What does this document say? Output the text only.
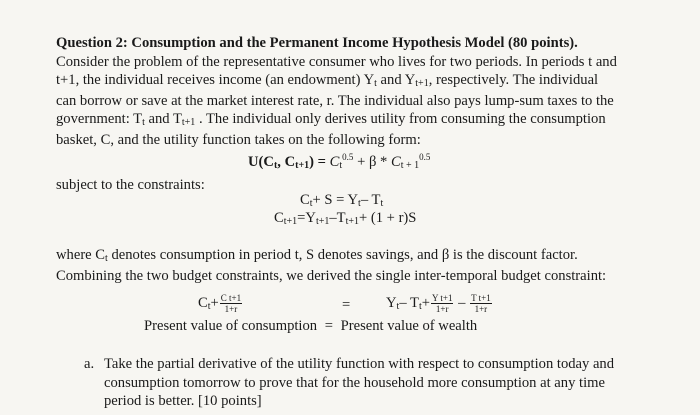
Question 2: Consumption and the Permanent Income Hypothesis Model (80 points).
Consider the problem of the representative consumer who lives for two periods. In periods t and
t+1, the individual receives income (an endowment) Yt and Yt+1, respectively. The individual
can borrow or save at the market interest rate, r. The individual also pays lump-sum taxes to the
government: Tt and Tt+1 . The individual only derives utility from consuming the consumption
basket, C, and the utility function takes on the following form:
U(Ct, $Ct+1) = Ct^{0.5} + \beta * Ct + 1^{0.5}$
subject to the constraints:
Ct+ S = Yt– Tt
Ct+1=Yt+1–Tt+1+ (1 + r)S
where Ct denotes consumption in period t, S denotes savings, and β is the discount factor.
Combining the two budget constraints, we derived the single inter-temporal budget constraint:
$Ct+ \frac{\text{C t+1}}{1+r}$	= Yt– $Tt+ \frac{\text{Y t+1}}{1+r} - \frac{\text{T t+1}}{1+r}$
Present value of consumption = Present value of wealth
a. Take the partial derivative of the utility function with respect to consumption today and
consumption tomorrow to prove that for the household more consumption at any time
period is better. [10 points]
